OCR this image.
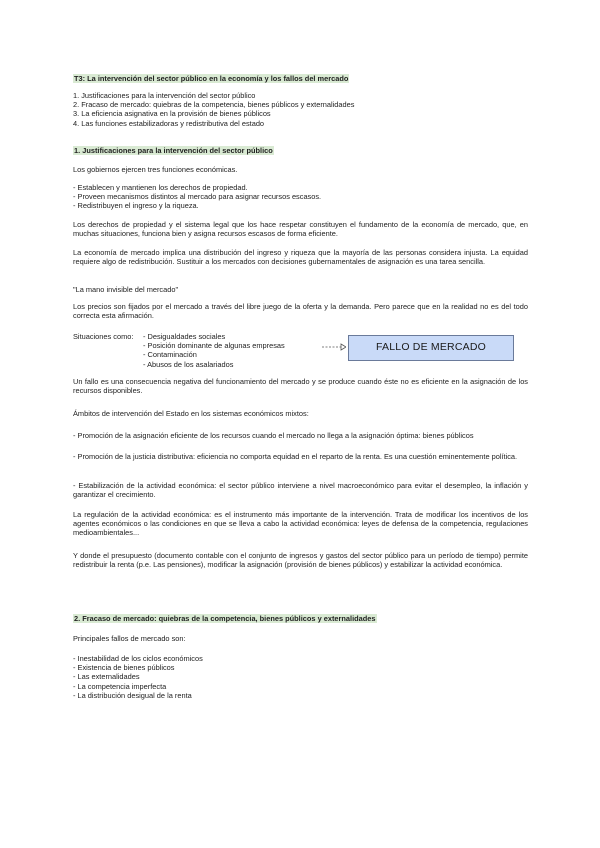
T3: La intervención del sector público en la economía y los fallos del mercado
1. Justificaciones para la intervención del sector público
2. Fracaso de mercado: quiebras de la competencia, bienes públicos y externalidades
3. La eficiencia asignativa en la provisión de bienes públicos
4. Las funciones estabilizadoras y redistributiva del estado
1. Justificaciones para la intervención del sector público
Los gobiernos ejercen tres funciones económicas.
- Establecen y mantienen los derechos de propiedad.
- Proveen mecanismos distintos al mercado para asignar recursos escasos.
- Redistribuyen el ingreso y la riqueza.

Los derechos de propiedad y el sistema legal que los hace respetar constituyen el fundamento de la economía de mercado, que, en muchas situaciones, funciona bien y asigna recursos escasos de forma eficiente.

La economía de mercado implica una distribución del ingreso y riqueza que la mayoría de las personas considera injusta. La equidad requiere algo de redistribución. Sustituir a los mercados con decisiones gubernamentales de asignación es una tarea sencilla.

"La mano invisible del mercado"

Los precios son fijados por el mercado a través del libre juego de la oferta y la demanda. Pero parece que en la realidad no es del todo correcta esta afirmación.

Situaciones como: - Desigualdades sociales
- Posición dominante de algunas empresas
- Contaminación
- Abusos de los asalariados
FALLO DE MERCADO

Un fallo es una consecuencia negativa del funcionamiento del mercado y se produce cuando éste no es eficiente en la asignación de los recursos disponibles.

Ámbitos de intervención del Estado en los sistemas económicos mixtos:

- Promoción de la asignación eficiente de los recursos cuando el mercado no llega a la asignación óptima: bienes públicos

- Promoción de la justicia distributiva: eficiencia no comporta equidad en el reparto de la renta. Es una cuestión eminentemente política.

- Estabilización de la actividad económica: el sector público interviene a nivel macroeconómico para evitar el desempleo, la inflación y garantizar el crecimiento.

La regulación de la actividad económica: es el instrumento más importante de la intervención. Trata de modificar los incentivos de los agentes económicos o las condiciones en que se lleva a cabo la actividad económica: leyes de defensa de la competencia, regulaciones medioambientales...

Y donde el presupuesto (documento contable con el conjunto de ingresos y gastos del sector público para un período de tiempo) permite redistribuir la renta (p.e. Las pensiones), modificar la asignación (provisión de bienes públicos) y estabilizar la actividad económica.

2. Fracaso de mercado: quiebras de la competencia, bienes públicos y externalidades
Principales fallos de mercado son:
- Inestabilidad de los ciclos económicos
- Existencia de bienes públicos
- Las externalidades
- La competencia imperfecta
- La distribución desigual de la renta
